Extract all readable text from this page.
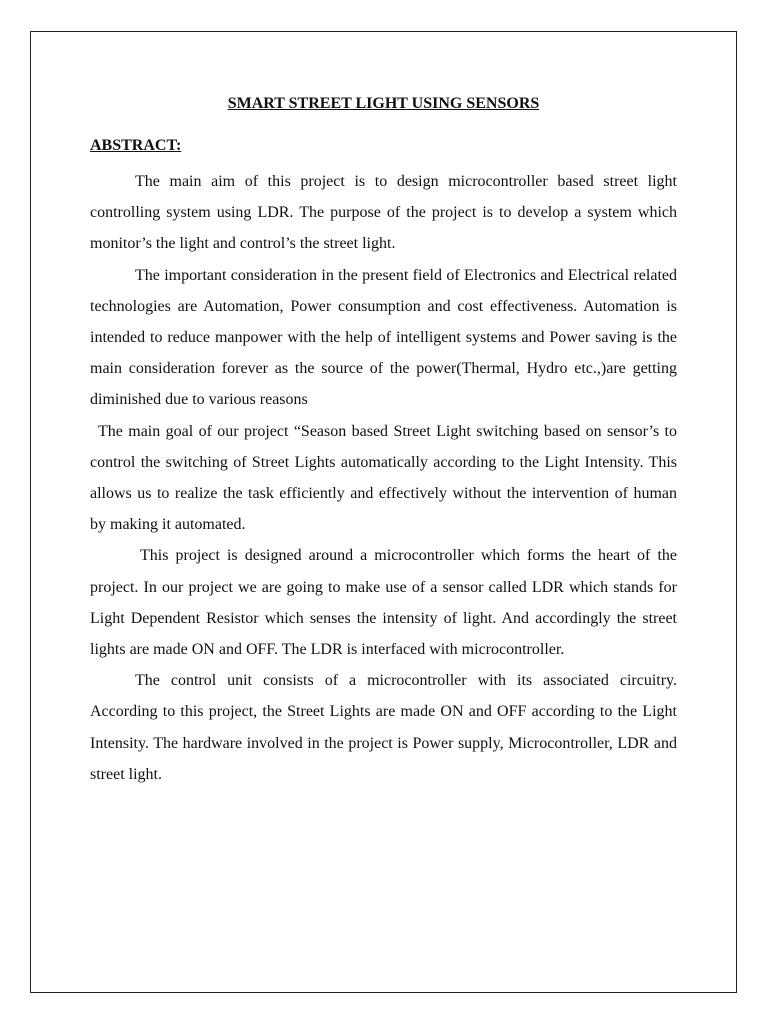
SMART STREET LIGHT USING SENSORS
ABSTRACT:

The main aim of this project is to design microcontroller based street light controlling system using LDR. The purpose of the project is to develop a system which monitor’s the light and control’s the street light.

The important consideration in the present field of Electronics and Electrical related technologies are Automation, Power consumption and cost effectiveness. Automation is intended to reduce manpower with the help of intelligent systems and Power saving is the main consideration forever as the source of the power(Thermal, Hydro etc.,)are getting diminished due to various reasons

The main goal of our project “Season based Street Light switching based on sensor’s to control the switching of Street Lights automatically according to the Light Intensity. This allows us to realize the task efficiently and effectively without the intervention of human by making it automated.

This project is designed around a microcontroller which forms the heart of the project. In our project we are going to make use of a sensor called LDR which stands for Light Dependent Resistor which senses the intensity of light. And accordingly the street lights are made ON and OFF. The LDR is interfaced with microcontroller.

The control unit consists of a microcontroller with its associated circuitry. According to this project, the Street Lights are made ON and OFF according to the Light Intensity. The hardware involved in the project is Power supply, Microcontroller, LDR and street light.
